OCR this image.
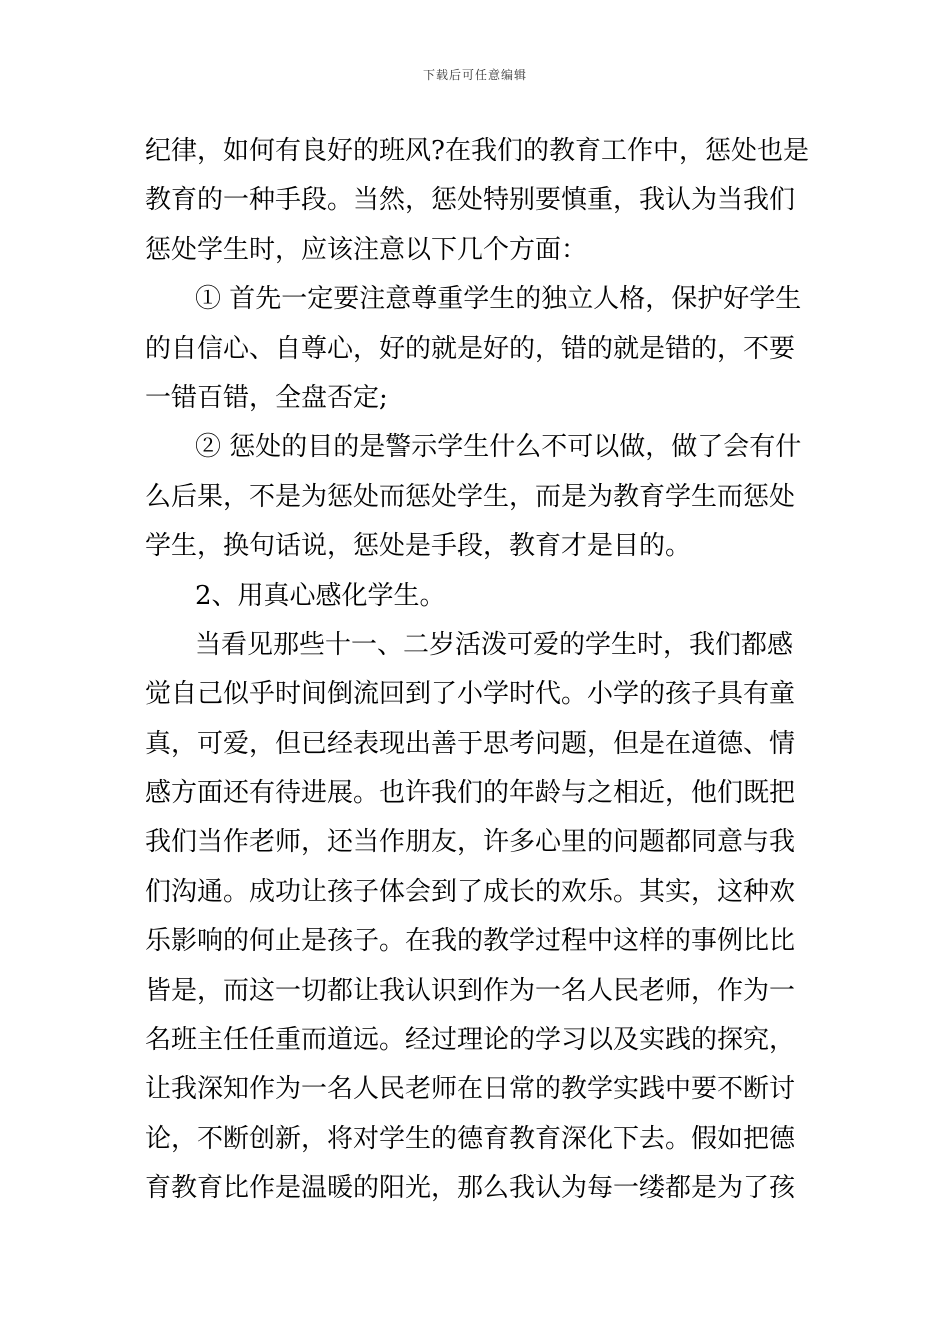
下载后可任意编辑
纪律，如何有良好的班风?在我们的教育工作中，惩处也是
教育的一种手段。当然，惩处特别要慎重，我认为当我们
惩处学生时，应该注意以下几个方面：
① 首先一定要注意尊重学生的独立人格，保护好学生
的自信心、自尊心，好的就是好的，错的就是错的，不要
一错百错，全盘否定;
② 惩处的目的是警示学生什么不可以做，做了会有什
么后果，不是为惩处而惩处学生，而是为教育学生而惩处
学生，换句话说，惩处是手段，教育才是目的。
2、用真心感化学生。
当看见那些十一、二岁活泼可爱的学生时，我们都感
觉自己似乎时间倒流回到了小学时代。小学的孩子具有童
真，可爱，但已经表现出善于思考问题，但是在道德、情
感方面还有待进展。也许我们的年龄与之相近，他们既把
我们当作老师，还当作朋友，许多心里的问题都同意与我
们沟通。成功让孩子体会到了成长的欢乐。其实，这种欢
乐影响的何止是孩子。在我的教学过程中这样的事例比比
皆是，而这一切都让我认识到作为一名人民老师，作为一
名班主任任重而道远。经过理论的学习以及实践的探究，
让我深知作为一名人民老师在日常的教学实践中要不断讨
论，不断创新，将对学生的德育教育深化下去。假如把德
育教育比作是温暖的阳光，那么我认为每一缕都是为了孩
